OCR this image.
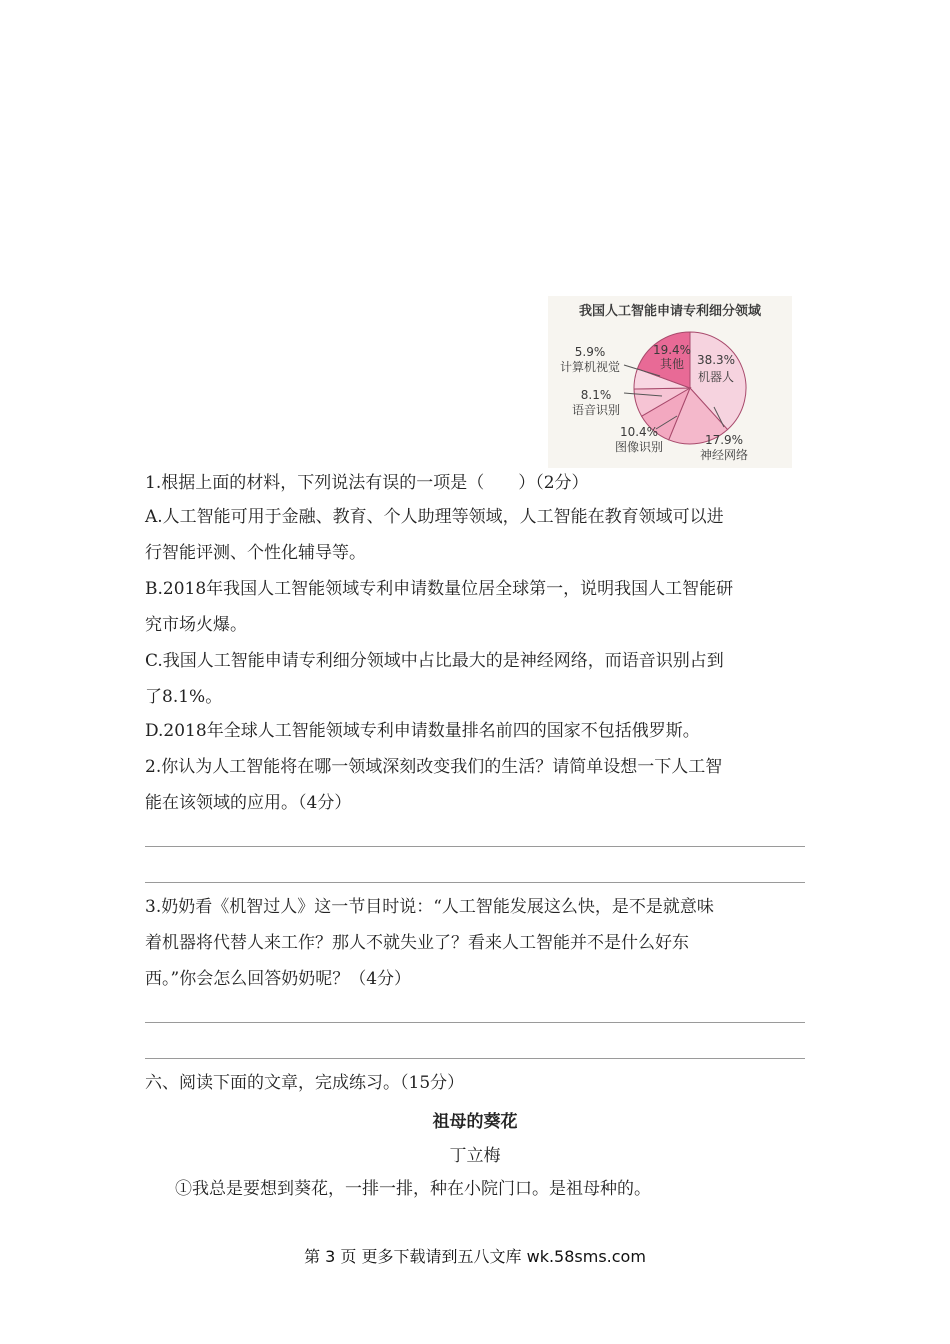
我国人工智能申请专利细分领域
19.4%
其他 38.3%
机器人
5.9%
计算机视觉
8.1%
语音识别
10.4%
图像识别	17.9%
神经网络
1.根据上面的材料，下列说法有误的一项是（　　）（2分）
A.人工智能可用于金融、教育、个人助理等领域，人工智能在教育领域可以进
行智能评测、个性化辅导等。
B.2018年我国人工智能领域专利申请数量位居全球第一，说明我国人工智能研
究市场火爆。
C.我国人工智能申请专利细分领域中占比最大的是神经网络，而语音识别占到
了8.1%。
D.2018年全球人工智能领域专利申请数量排名前四的国家不包括俄罗斯。
2.你认为人工智能将在哪一领域深刻改变我们的生活？请简单设想一下人工智
能在该领域的应用。（4分）
3.奶奶看《机智过人》这一节目时说：“人工智能发展这么快，是不是就意味
着机器将代替人来工作？那人不就失业了？看来人工智能并不是什么好东
西。”你会怎么回答奶奶呢？（4分）
六、阅读下面的文章，完成练习。（15分）
祖母的葵花
丁立梅
①我总是要想到葵花，一排一排，种在小院门口。是祖母种的。
第 3 页 更多下载请到五八文库 wk.58sms.com
